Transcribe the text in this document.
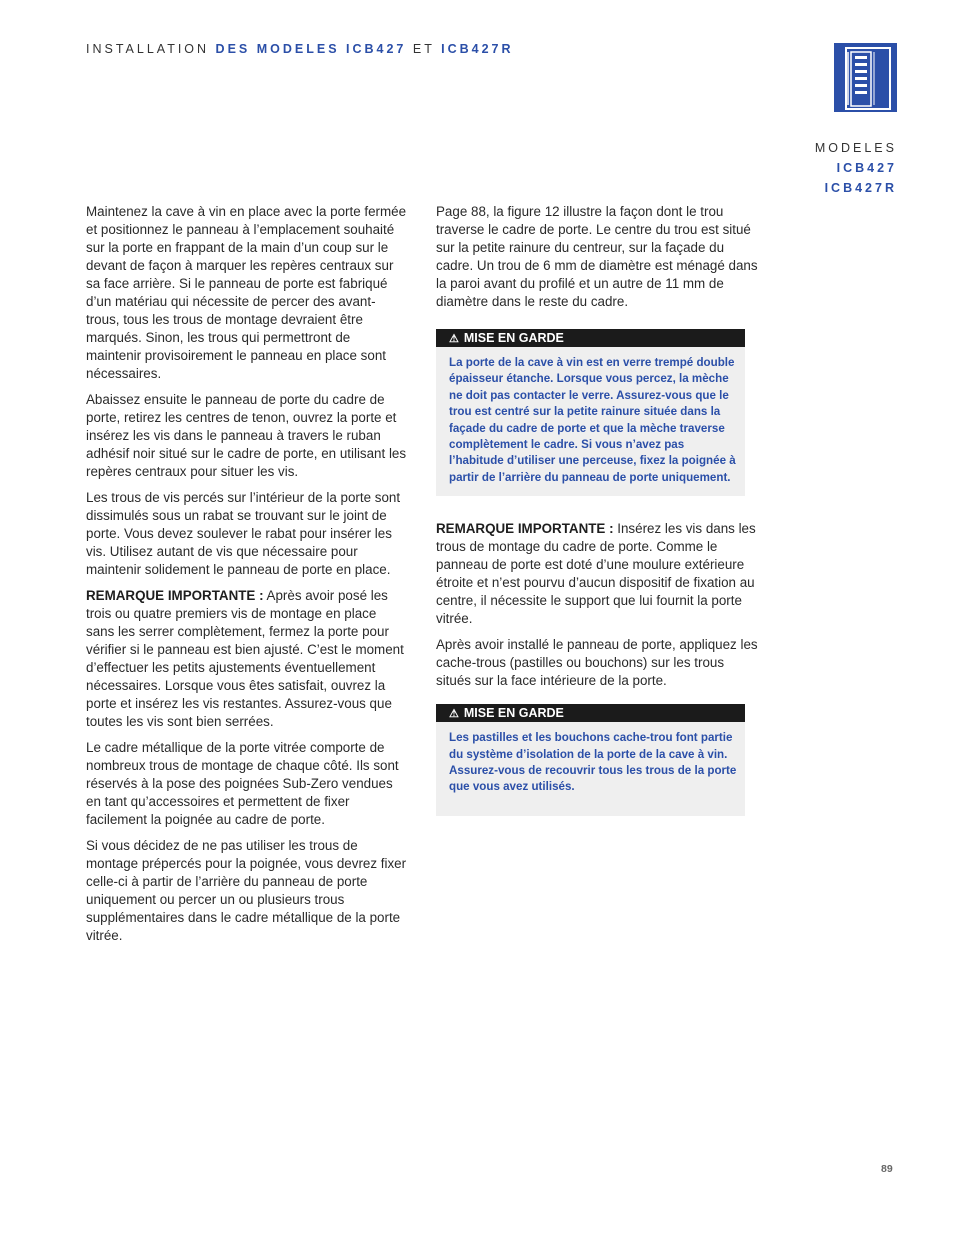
INSTALLATION DES MODELES ICB427 ET ICB427R
MODELES
ICB427
ICB427R

Maintenez la cave à vin en place avec la porte fermée et positionnez le panneau à l’emplacement souhaité sur la porte en frappant de la main d’un coup sur le devant de façon à marquer les repères centraux sur sa face arrière. Si le panneau de porte est fabriqué d’un matériau qui nécessite de percer des avant-trous, tous les trous de montage devraient être marqués. Sinon, les trous qui permettront de maintenir provisoirement le panneau en place sont nécessaires.

Abaissez ensuite le panneau de porte du cadre de porte, retirez les centres de tenon, ouvrez la porte et insérez les vis dans le panneau à travers le ruban adhésif noir situé sur le cadre de porte, en utilisant les repères centraux pour situer les vis.

Les trous de vis percés sur l’intérieur de la porte sont dissimulés sous un rabat se trouvant sur le joint de porte. Vous devez soulever le rabat pour insérer les vis. Utilisez autant de vis que nécessaire pour maintenir solidement le panneau de porte en place.

REMARQUE IMPORTANTE : Après avoir posé les trois ou quatre premiers vis de montage en place sans les serrer complètement, fermez la porte pour vérifier si le panneau est bien ajusté. C’est le moment d’effectuer les petits ajustements éventuellement nécessaires. Lorsque vous êtes satisfait, ouvrez la porte et insérez les vis restantes. Assurez-vous que toutes les vis sont bien serrées.

Le cadre métallique de la porte vitrée comporte de nombreux trous de montage de chaque côté. Ils sont réservés à la pose des poignées Sub-Zero vendues en tant qu’accessoires et permettent de fixer facilement la poignée au cadre de porte.

Si vous décidez de ne pas utiliser les trous de montage prépercés pour la poignée, vous devrez fixer celle-ci à partir de l’arrière du panneau de porte uniquement ou percer un ou plusieurs trous supplémentaires dans le cadre métallique de la porte vitrée.

Page 88, la figure 12 illustre la façon dont le trou traverse le cadre de porte. Le centre du trou est situé sur la petite rainure du centreur, sur la façade du cadre. Un trou de 6 mm de diamètre est ménagé dans la paroi avant du profilé et un autre de 11 mm de diamètre dans le reste du cadre.

⚠ MISE EN GARDE
La porte de la cave à vin est en verre trempé double épaisseur étanche. Lorsque vous percez, la mèche ne doit pas contacter le verre. Assurez-vous que le trou est centré sur la petite rainure située dans la façade du cadre de porte et que la mèche traverse complètement le cadre. Si vous n’avez pas l’habitude d’utiliser une perceuse, fixez la poignée à partir de l’arrière du panneau de porte uniquement.

REMARQUE IMPORTANTE : Insérez les vis dans les trous de montage du cadre de porte. Comme le panneau de porte est doté d’une moulure extérieure étroite et n’est pourvu d’aucun dispositif de fixation au centre, il nécessite le support que lui fournit la porte vitrée.

Après avoir installé le panneau de porte, appliquez les cache-trous (pastilles ou bouchons) sur les trous situés sur la face intérieure de la porte.

⚠ MISE EN GARDE
Les pastilles et les bouchons cache-trou font partie du système d’isolation de la porte de la cave à vin. Assurez-vous de recouvrir tous les trous de la porte que vous avez utilisés.
89
